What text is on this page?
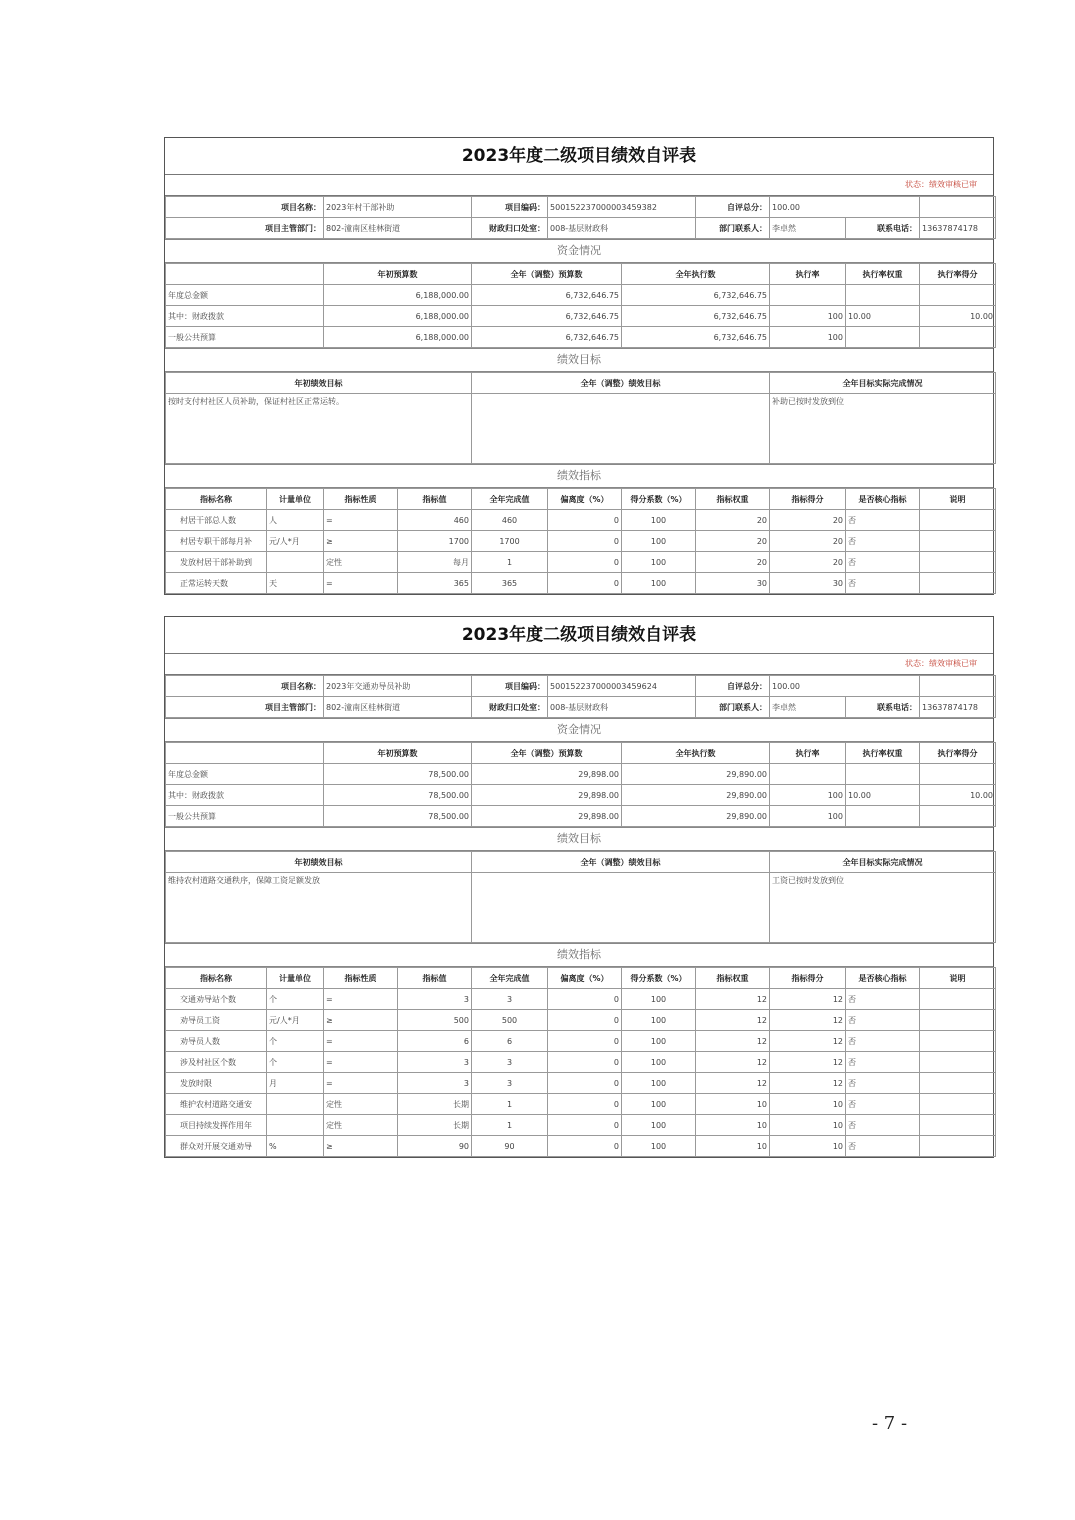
2023年度二级项目绩效自评表
状态：绩效审核已审
项目名称：	2023年村干部补助	项目编码：	500152237000003459382	自评总分：	100.00		
项目主管部门：	802-潼南区桂林街道	财政归口处室：	008-基层财政科	部门联系人：	李卓然	联系电话：	13637874178
资金情况
	年初预算数	全年（调整）预算数	全年执行数	执行率	执行率权重	执行率得分
年度总金额	6,188,000.00	6,732,646.75	6,732,646.75			
其中：财政拨款	6,188,000.00	6,732,646.75	6,732,646.75	100	10.00	10.00
一般公共预算	6,188,000.00	6,732,646.75	6,732,646.75	100		
绩效目标
年初绩效目标	全年（调整）绩效目标	全年目标实际完成情况
按时支付村社区人员补助，保证村社区正常运转。		补助已按时发放到位
绩效指标
指标名称	计量单位	指标性质	指标值	全年完成值	偏离度（%）	得分系数（%）	指标权重	指标得分	是否核心指标	说明
村居干部总人数	人	=	460	460	0	100	20	20	否	
村居专职干部每月补	元/人*月	≥	1700	1700	0	100	20	20	否	
发放村居干部补助到		定性	每月	1	0	100	20	20	否	
正常运转天数	天	=	365	365	0	100	30	30	否	
2023年度二级项目绩效自评表
状态：绩效审核已审
项目名称：	2023年交通劝导员补助	项目编码：	500152237000003459624	自评总分：	100.00		
项目主管部门：	802-潼南区桂林街道	财政归口处室：	008-基层财政科	部门联系人：	李卓然	联系电话：	13637874178
资金情况
	年初预算数	全年（调整）预算数	全年执行数	执行率	执行率权重	执行率得分
年度总金额	78,500.00	29,898.00	29,890.00			
其中：财政拨款	78,500.00	29,898.00	29,890.00	100	10.00	10.00
一般公共预算	78,500.00	29,898.00	29,890.00	100		
绩效目标
年初绩效目标	全年（调整）绩效目标	全年目标实际完成情况
维持农村道路交通秩序，保障工资足额发放		工资已按时发放到位
绩效指标
指标名称	计量单位	指标性质	指标值	全年完成值	偏离度（%）	得分系数（%）	指标权重	指标得分	是否核心指标	说明
交通劝导站个数	个	=	3	3	0	100	12	12	否	
劝导员工资	元/人*月	≥	500	500	0	100	12	12	否	
劝导员人数	个	=	6	6	0	100	12	12	否	
涉及村社区个数	个	=	3	3	0	100	12	12	否	
发放时限	月	=	3	3	0	100	12	12	否	
维护农村道路交通安		定性	长期	1	0	100	10	10	否	
项目持续发挥作用年		定性	长期	1	0	100	10	10	否	
群众对开展交通劝导	%	≥	90	90	0	100	10	10	否	
- 7 -
